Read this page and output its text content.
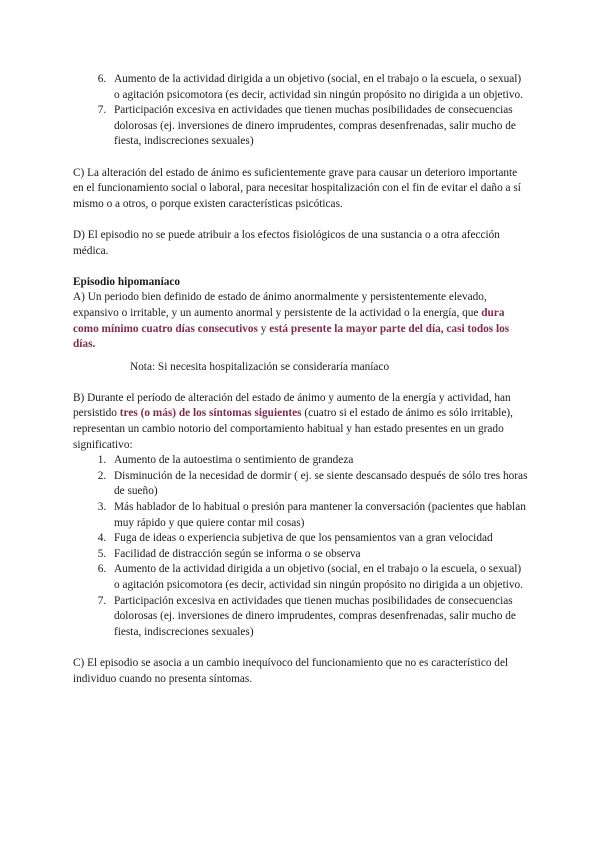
6. Aumento de la actividad dirigida a un objetivo (social, en el trabajo o la escuela, o sexual) o agitación psicomotora (es decir, actividad sin ningún propósito no dirigida a un objetivo.
7. Participación excesiva en actividades que tienen muchas posibilidades de consecuencias dolorosas (ej. inversiones de dinero imprudentes, compras desenfrenadas, salir mucho de fiesta, indiscreciones sexuales)

C) La alteración del estado de ánimo es suficientemente grave para causar un deterioro importante en el funcionamiento social o laboral, para necesitar hospitalización con el fin de evitar el daño a sí mismo o a otros, o porque existen características psicóticas.

D) El episodio no se puede atribuir a los efectos fisiológicos de una sustancia o a otra afección médica.

Episodio hipomaníaco

A) Un periodo bien definido de estado de ánimo anormalmente y persistentemente elevado, expansivo o irritable, y un aumento anormal y persistente de la actividad o la energía, que dura como mínimo cuatro días consecutivos y está presente la mayor parte del día, casi todos los días.

Nota: Si necesita hospitalización se consideraría maníaco

B) Durante el período de alteración del estado de ánimo y aumento de la energía y actividad, han persistido tres (o más) de los síntomas siguientes (cuatro si el estado de ánimo es sólo irritable), representan un cambio notorio del comportamiento habitual y han estado presentes en un grado significativo:

1. Aumento de la autoestima o sentimiento de grandeza
2. Disminución de la necesidad de dormir ( ej. se siente descansado después de sólo tres horas de sueño)
3. Más hablador de lo habitual o presión para mantener la conversación (pacientes que hablan muy rápido y que quiere contar mil cosas)
4. Fuga de ideas o experiencia subjetiva de que los pensamientos van a gran velocidad
5. Facilidad de distracción según se informa o se observa
6. Aumento de la actividad dirigida a un objetivo (social, en el trabajo o la escuela, o sexual) o agitación psicomotora (es decir, actividad sin ningún propósito no dirigida a un objetivo.
7. Participación excesiva en actividades que tienen muchas posibilidades de consecuencias dolorosas (ej. inversiones de dinero imprudentes, compras desenfrenadas, salir mucho de fiesta, indiscreciones sexuales)

C) El episodio se asocia a un cambio inequívoco del funcionamiento que no es característico del individuo cuando no presenta síntomas.
